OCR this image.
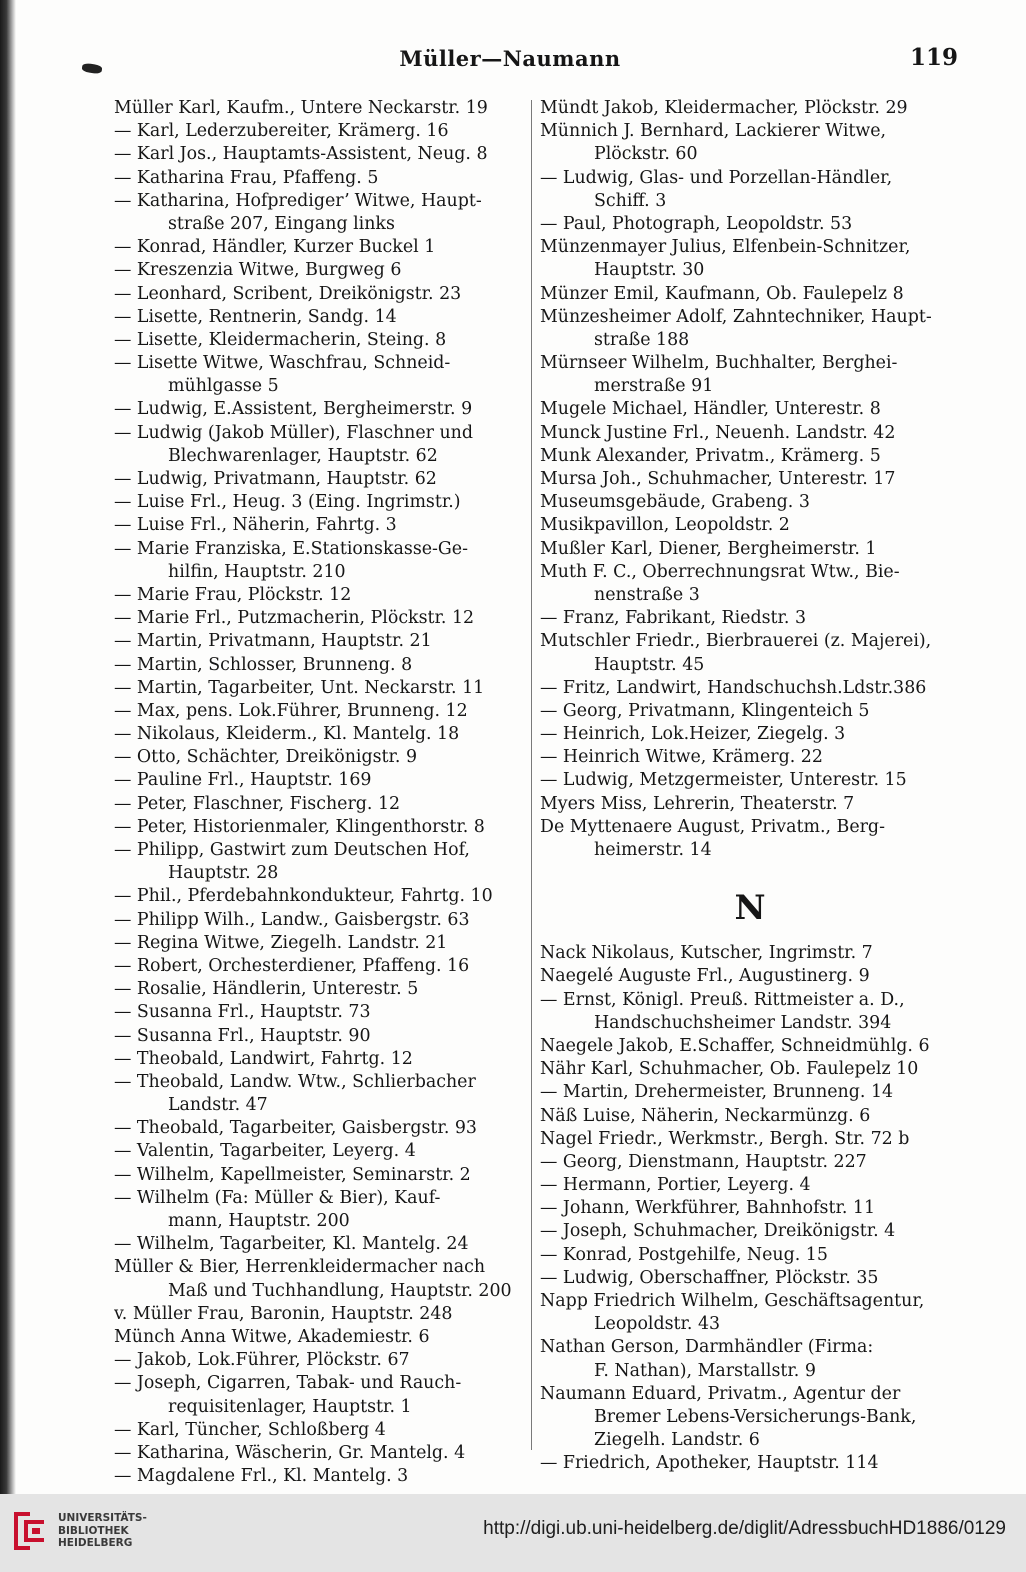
Müller—Naumann	119
Müller Karl, Kaufm., Untere Neckarstr. 19
— Karl, Lederzubereiter, Krämerg. 16
— Karl Jos., Hauptamts-Assistent, Neug. 8
— Katharina Frau, Pfaffeng. 5
— Katharina, Hofpredigerʼ Witwe, Haupt-
straße 207, Eingang links
— Konrad, Händler, Kurzer Buckel 1
— Kreszenzia Witwe, Burgweg 6
— Leonhard, Scribent, Dreikönigstr. 23
— Lisette, Rentnerin, Sandg. 14
— Lisette, Kleidermacherin, Steing. 8
— Lisette Witwe, Waschfrau, Schneid-
mühlgasse 5
— Ludwig, E.Assistent, Bergheimerstr. 9
— Ludwig (Jakob Müller), Flaschner und
Blechwarenlager, Hauptstr. 62
— Ludwig, Privatmann, Hauptstr. 62
— Luise Frl., Heug. 3 (Eing. Ingrimstr.)
— Luise Frl., Näherin, Fahrtg. 3
— Marie Franziska, E.Stationskasse-Ge-
hilfin, Hauptstr. 210
— Marie Frau, Plöckstr. 12
— Marie Frl., Putzmacherin, Plöckstr. 12
— Martin, Privatmann, Hauptstr. 21
— Martin, Schlosser, Brunneng. 8
— Martin, Tagarbeiter, Unt. Neckarstr. 11
— Max, pens. Lok.Führer, Brunneng. 12
— Nikolaus, Kleiderm., Kl. Mantelg. 18
— Otto, Schächter, Dreikönigstr. 9
— Pauline Frl., Hauptstr. 169
— Peter, Flaschner, Fischerg. 12
— Peter, Historienmaler, Klingenthorstr. 8
— Philipp, Gastwirt zum Deutschen Hof,
Hauptstr. 28
— Phil., Pferdebahnkondukteur, Fahrtg. 10
— Philipp Wilh., Landw., Gaisbergstr. 63
— Regina Witwe, Ziegelh. Landstr. 21
— Robert, Orchesterdiener, Pfaffeng. 16
— Rosalie, Händlerin, Unterestr. 5
— Susanna Frl., Hauptstr. 73
— Susanna Frl., Hauptstr. 90
— Theobald, Landwirt, Fahrtg. 12
— Theobald, Landw. Wtw., Schlierbacher
Landstr. 47
— Theobald, Tagarbeiter, Gaisbergstr. 93
— Valentin, Tagarbeiter, Leyerg. 4
— Wilhelm, Kapellmeister, Seminarstr. 2
— Wilhelm (Fa: Müller & Bier), Kauf-
mann, Hauptstr. 200
— Wilhelm, Tagarbeiter, Kl. Mantelg. 24
Müller & Bier, Herrenkleidermacher nach
Maß und Tuchhandlung, Hauptstr. 200
v. Müller Frau, Baronin, Hauptstr. 248
Münch Anna Witwe, Akademiestr. 6
— Jakob, Lok.Führer, Plöckstr. 67
— Joseph, Cigarren, Tabak- und Rauch-
requisitenlager, Hauptstr. 1
— Karl, Tüncher, Schloßberg 4
— Katharina, Wäscherin, Gr. Mantelg. 4
— Magdalene Frl., Kl. Mantelg. 3
Mündt Jakob, Kleidermacher, Plöckstr. 29
Münnich J. Bernhard, Lackierer Witwe,
Plöckstr. 60
— Ludwig, Glas- und Porzellan-Händler,
Schiff. 3
— Paul, Photograph, Leopoldstr. 53
Münzenmayer Julius, Elfenbein-Schnitzer,
Hauptstr. 30
Münzer Emil, Kaufmann, Ob. Faulepelz 8
Münzesheimer Adolf, Zahntechniker, Haupt-
straße 188
Mürnseer Wilhelm, Buchhalter, Berghei-
merstraße 91
Mugele Michael, Händler, Unterestr. 8
Munck Justine Frl., Neuenh. Landstr. 42
Munk Alexander, Privatm., Krämerg. 5
Mursa Joh., Schuhmacher, Unterestr. 17
Museumsgebäude, Grabeng. 3
Musikpavillon, Leopoldstr. 2
Mußler Karl, Diener, Bergheimerstr. 1
Muth F. C., Oberrechnungsrat Wtw., Bie-
nenstraße 3
— Franz, Fabrikant, Riedstr. 3
Mutschler Friedr., Bierbrauerei (z. Majerei),
Hauptstr. 45
— Fritz, Landwirt, Handschuchsh.Ldstr.386
— Georg, Privatmann, Klingenteich 5
— Heinrich, Lok.Heizer, Ziegelg. 3
— Heinrich Witwe, Krämerg. 22
— Ludwig, Metzgermeister, Unterestr. 15
Myers Miss, Lehrerin, Theaterstr. 7
De Myttenaere August, Privatm., Berg-
heimerstr. 14
N
Nack Nikolaus, Kutscher, Ingrimstr. 7
Naegelé Auguste Frl., Augustinerg. 9
— Ernst, Königl. Preuß. Rittmeister a. D.,
Handschuchsheimer Landstr. 394
Naegele Jakob, E.Schaffer, Schneidmühlg. 6
Nähr Karl, Schuhmacher, Ob. Faulepelz 10
— Martin, Drehermeister, Brunneng. 14
Näß Luise, Näherin, Neckarmünzg. 6
Nagel Friedr., Werkmstr., Bergh. Str. 72 b
— Georg, Dienstmann, Hauptstr. 227
— Hermann, Portier, Leyerg. 4
— Johann, Werkführer, Bahnhofstr. 11
— Joseph, Schuhmacher, Dreikönigstr. 4
— Konrad, Postgehilfe, Neug. 15
— Ludwig, Oberschaffner, Plöckstr. 35
Napp Friedrich Wilhelm, Geschäftsagentur,
Leopoldstr. 43
Nathan Gerson, Darmhändler (Firma:
F. Nathan), Marstallstr. 9
Naumann Eduard, Privatm., Agentur der
Bremer Lebens-Versicherungs-Bank,
Ziegelh. Landstr. 6
— Friedrich, Apotheker, Hauptstr. 114
UNIVERSITÄTS-
BIBLIOTHEK
HEIDELBERG
http://digi.ub.uni-heidelberg.de/diglit/AdressbuchHD1886/0129
